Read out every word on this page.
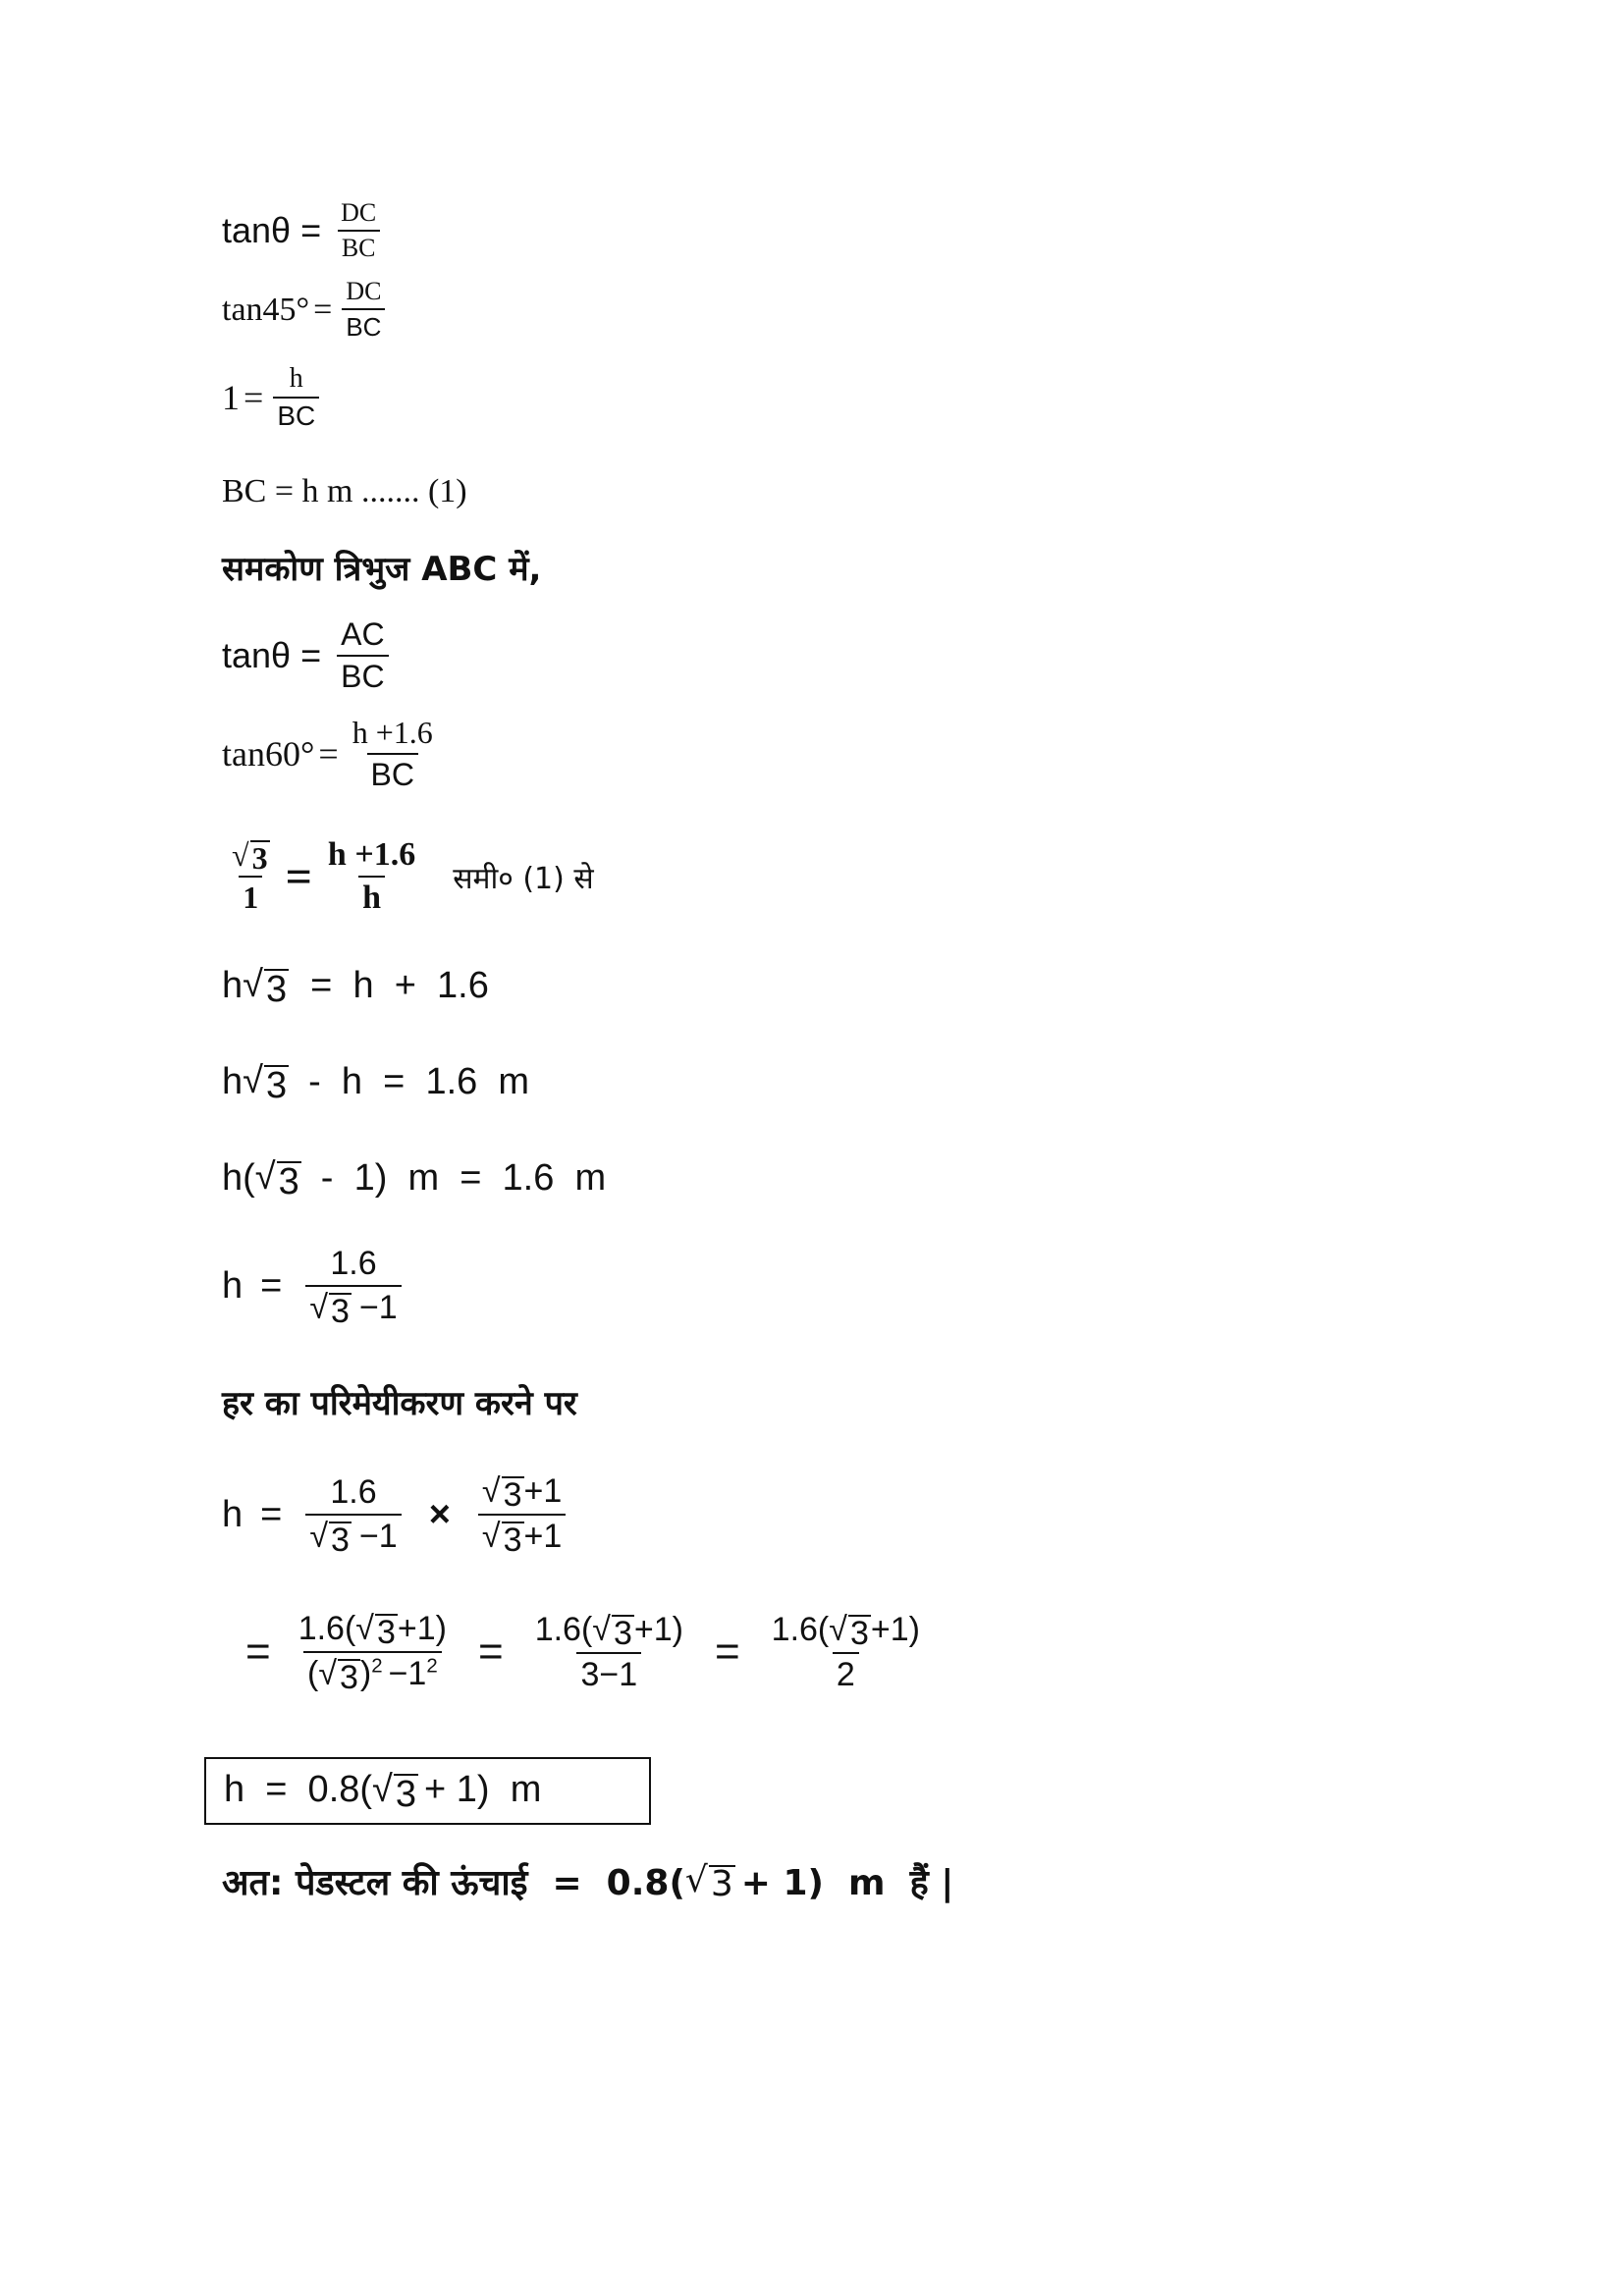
$\tan\theta = \frac{DC}{BC}$
$\tan 45^\circ = \frac{DC}{BC}$
$1 = \frac{h}{BC}$
BC = h m ....... (1)
समकोण त्रिभुज ABC में,
$\tan\theta = \frac{AC}{BC}$
$\tan 60^\circ = \frac{h +1.6}{BC}$
$\frac{√ 3}{1} = \frac{h +1.6}{h}$ समी० (1) से
h √ 3 =  h  +  1.6
h √ 3 -  h  =  1.6  m
h( √ 3 -  1)  m  =  1.6  m
$h = \frac{1.6}{√ 3 -1}$
हर का परिमेयीकरण करने पर
$h = \frac{1.6}{√ 3 -1} \times \frac{√ 3 +1}{√ 3 +1}$
= $\frac{1.6( √ 3 +1)}{( √ 3 )^2 -1^2} = \frac{1.6( √ 3 +1)}{3-1} = \frac{1.6( √ 3 +1)}{2}$
h  =  0.8( √ 3 + 1)  m
अत: पेडस्टल की ऊंचाई  =  0.8( √ 3 + 1)  m  हैं |
